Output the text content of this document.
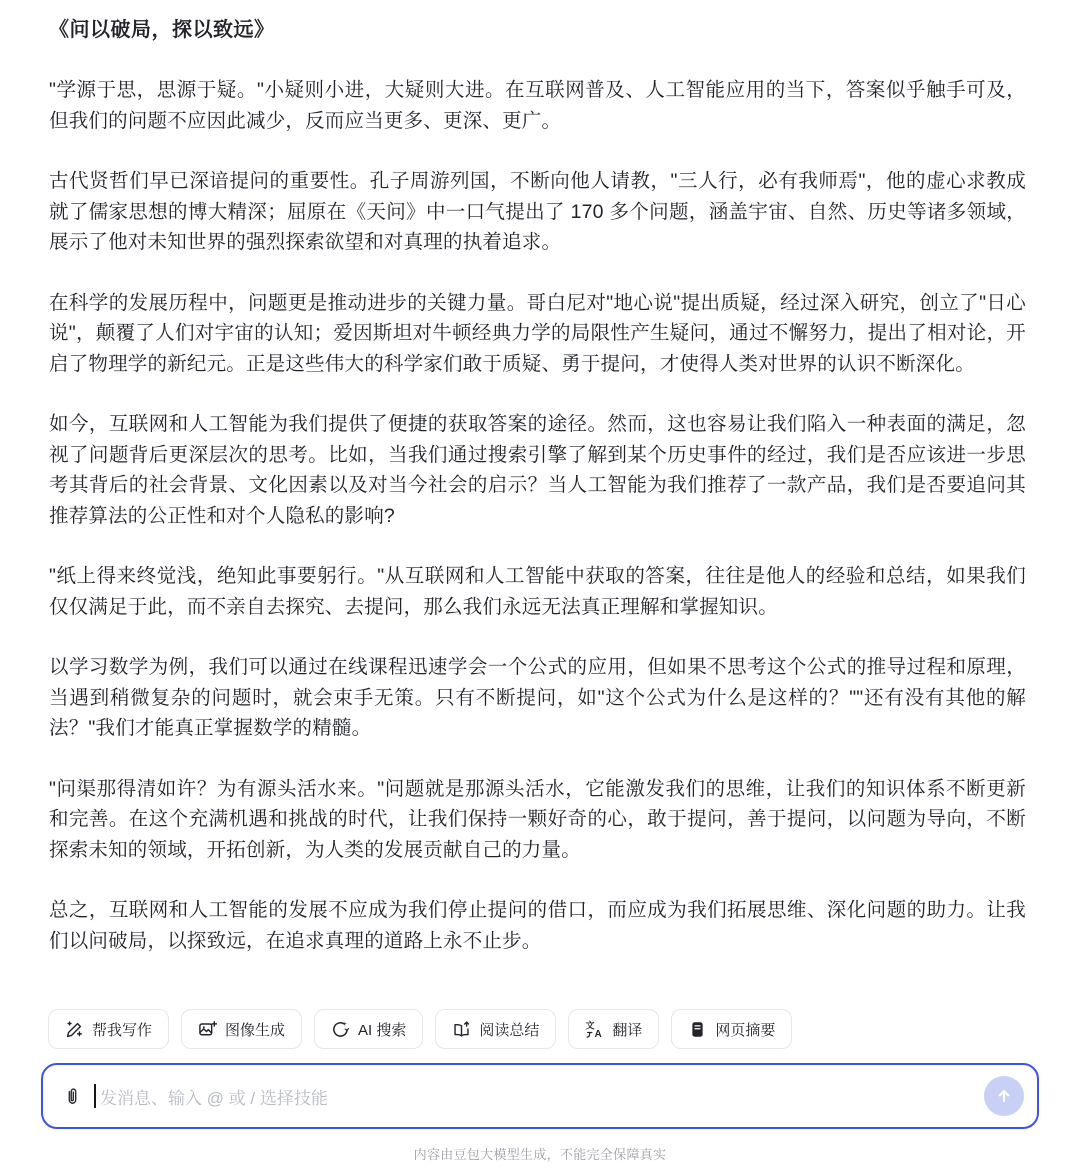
《问以破局，探以致远》

"学源于思，思源于疑。"小疑则小进，大疑则大进。在互联网普及、人工智能应用的当下，答案似乎触手可及，但我们的问题不应因此减少，反而应当更多、更深、更广。

古代贤哲们早已深谙提问的重要性。孔子周游列国，不断向他人请教，"三人行，必有我师焉"，他的虚心求教成就了儒家思想的博大精深；屈原在《天问》中一口气提出了 170 多个问题，涵盖宇宙、自然、历史等诸多领域，展示了他对未知世界的强烈探索欲望和对真理的执着追求。

在科学的发展历程中，问题更是推动进步的关键力量。哥白尼对"地心说"提出质疑，经过深入研究，创立了"日心说"，颠覆了人们对宇宙的认知；爱因斯坦对牛顿经典力学的局限性产生疑问，通过不懈努力，提出了相对论，开启了物理学的新纪元。正是这些伟大的科学家们敢于质疑、勇于提问，才使得人类对世界的认识不断深化。

如今，互联网和人工智能为我们提供了便捷的获取答案的途径。然而，这也容易让我们陷入一种表面的满足，忽视了问题背后更深层次的思考。比如，当我们通过搜索引擎了解到某个历史事件的经过，我们是否应该进一步思考其背后的社会背景、文化因素以及对当今社会的启示？当人工智能为我们推荐了一款产品，我们是否要追问其推荐算法的公正性和对个人隐私的影响?

"纸上得来终觉浅，绝知此事要躬行。"从互联网和人工智能中获取的答案，往往是他人的经验和总结，如果我们仅仅满足于此，而不亲自去探究、去提问，那么我们永远无法真正理解和掌握知识。

以学习数学为例，我们可以通过在线课程迅速学会一个公式的应用，但如果不思考这个公式的推导过程和原理，当遇到稍微复杂的问题时，就会束手无策。只有不断提问，如"这个公式为什么是这样的？""还有没有其他的解法？"我们才能真正掌握数学的精髓。

"问渠那得清如许？为有源头活水来。"问题就是那源头活水，它能激发我们的思维，让我们的知识体系不断更新和完善。在这个充满机遇和挑战的时代，让我们保持一颗好奇的心，敢于提问，善于提问，以问题为导向，不断探索未知的领域，开拓创新，为人类的发展贡献自己的力量。

总之，互联网和人工智能的发展不应成为我们停止提问的借口，而应成为我们拓展思维、深化问题的助力。让我们以问破局，以探致远，在追求真理的道路上永不止步。

帮我写作	图像生成	AI 搜索	阅读总结	文
A 翻译	网页摘要
发消息、输入 @ 或 / 选择技能
内容由豆包大模型生成，不能完全保障真实
